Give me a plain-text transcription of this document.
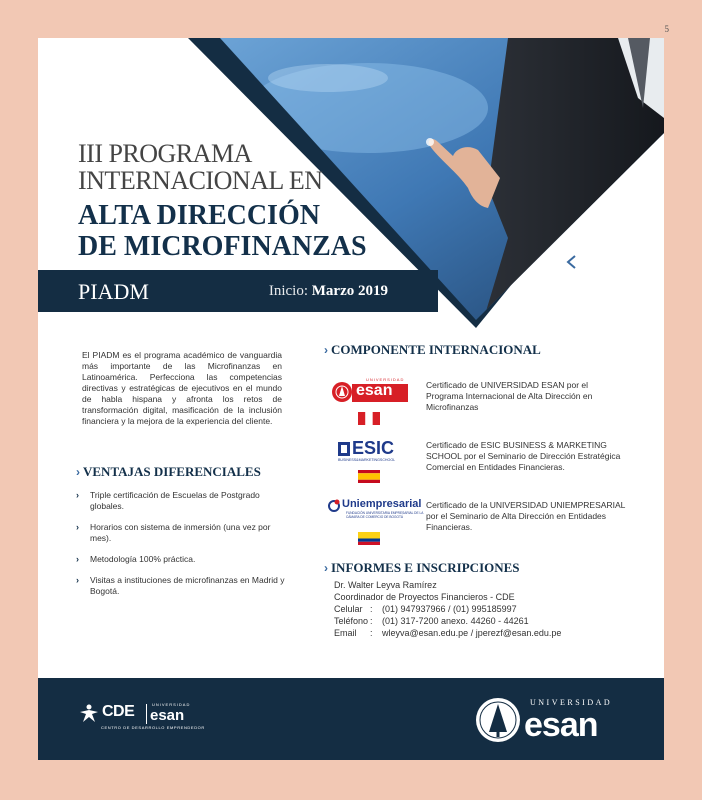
5
III PROGRAMA
INTERNACIONAL EN
ALTA DIRECCIÓN
DE MICROFINANZAS
PIADM	Inicio: Marzo 2019

El PIADM es el programa académico de vanguardia más importante de las Microfinanzas en Latinoamérica. Perfecciona las competencias directivas y estratégicas de ejecutivos en el mundo de habla hispana y afronta los retos de transformación digital, masificación de la inclusión financiera y la mejora de la experiencia del cliente.

› VENTAJAS DIFERENCIALES
› Triple certificación de Escuelas de Postgrado globales.
› Horarios con sistema de inmersión (una vez por mes).
› Metodología 100% práctica.
› Visitas a instituciones de microfinanzas en Madrid y Bogotá.
› COMPONENTE INTERNACIONAL
UNIVERSIDAD
esan	Certificado de UNIVERSIDAD ESAN por el Programa Internacional de Alta Dirección en Microfinanzas
ESIC
BUSINESS&MARKETINGSCHOOL
Certificado de ESIC BUSINESS & MARKETING SCHOOL por el Seminario de Dirección Estratégica Comercial en Entidades Financieras.
Uniempresarial
FUNDACIÓN UNIVERSITARIA EMPRESARIAL DE LA CÁMARA DE COMERCIO DE BOGOTÁ
Certificado de la UNIVERSIDAD UNIEMPRESARIAL por el Seminario de Alta Dirección en Entidades Financieras.
› INFORMES E INSCRIPCIONES
Dr. Walter Leyva Ramírez
Coordinador de Proyectos Financieros - CDE
Celular : (01) 947937966 / (01) 995185997
Teléfono : (01) 317-7200 anexo. 44260 - 44261
Email : wleyva@esan.edu.pe / jperezf@esan.edu.pe
CDE	UNIVERSIDAD
esan
CENTRO DE DESARROLLO EMPRENDEDOR
UNIVERSIDAD
esan
